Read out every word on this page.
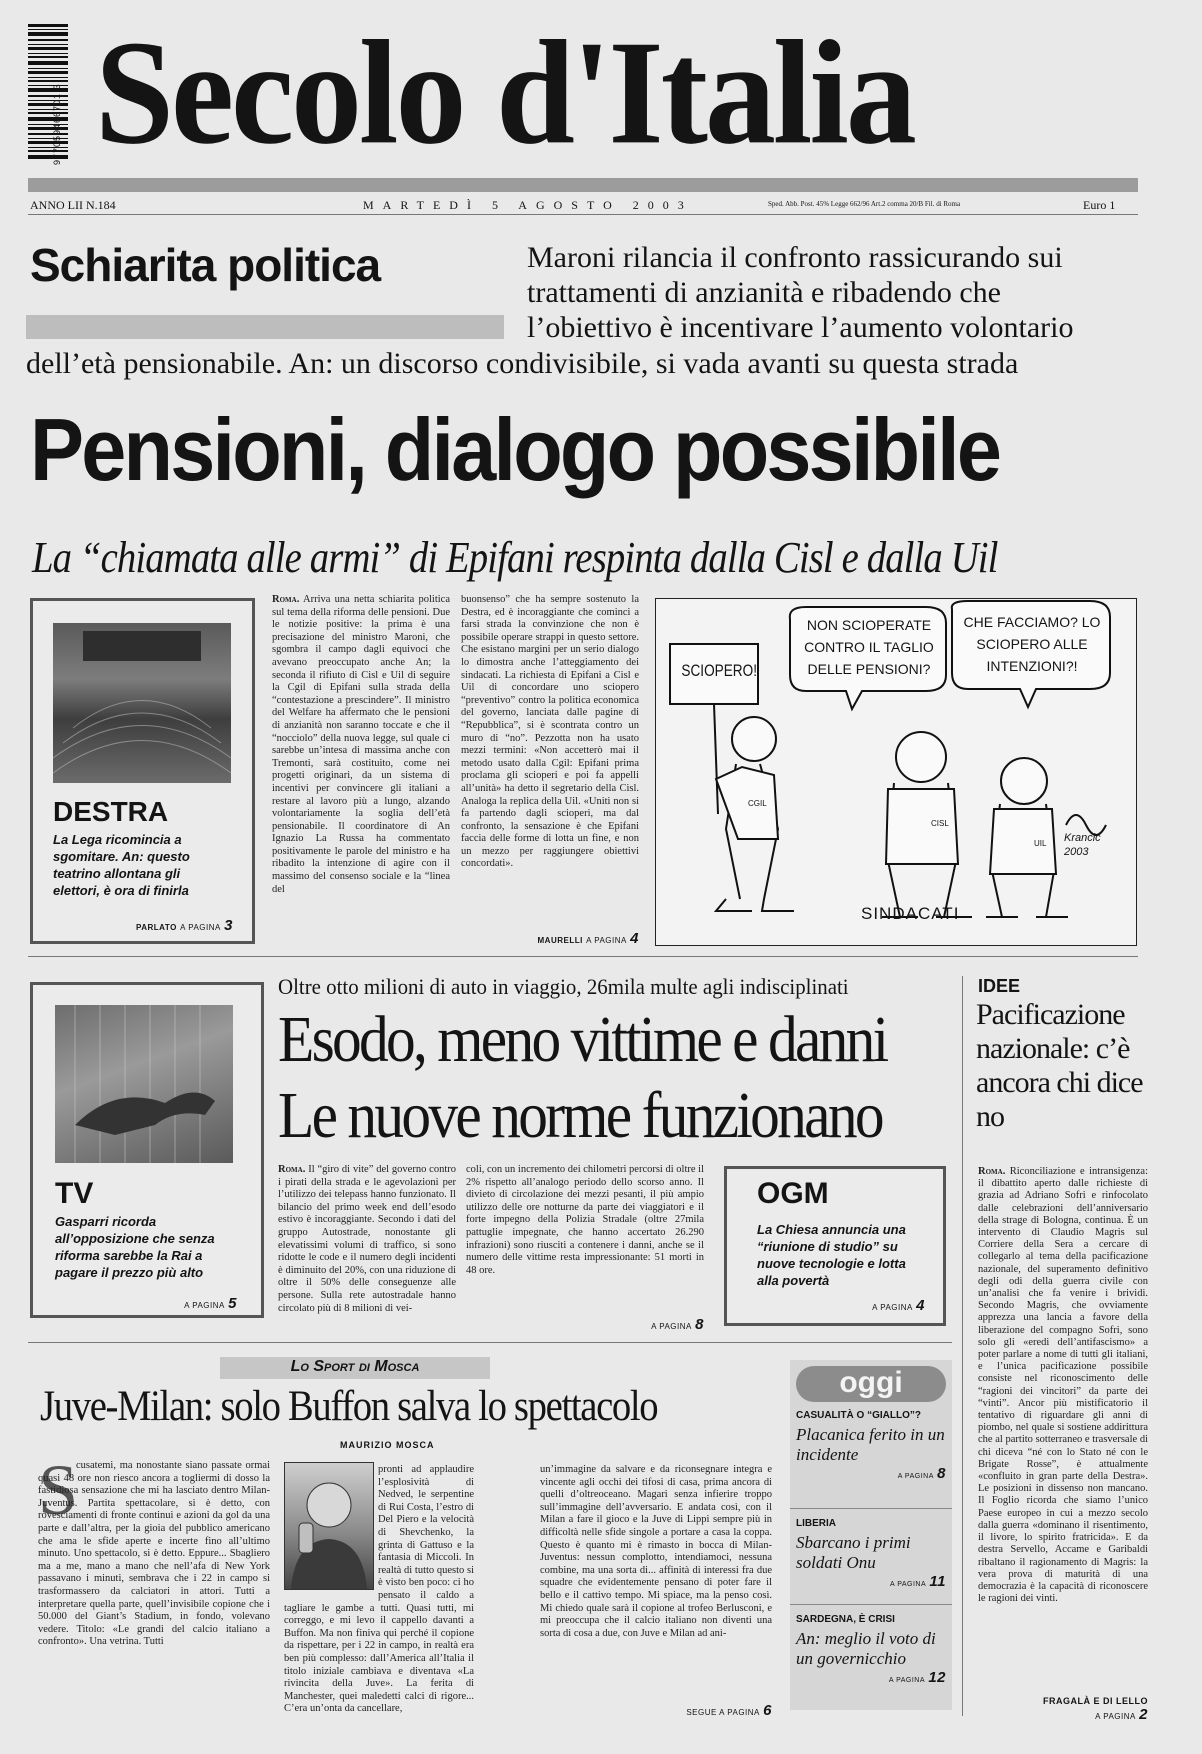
977059466701 3 Secolo d'Italia
ANNO LII N.184	MARTEDÌ 5 AGOSTO 2003	Sped. Abb. Post. 45% Legge 662/96 Art.2 comma 20/B Fil. di Roma	Euro 1
Schiarita politica	Maroni rilancia il confronto rassicurando sui trattamenti di anzianità e ribadendo che l’obiettivo è incentivare l’aumento volontario
dell’età pensionabile. An: un discorso condivisibile, si vada avanti su questa strada
Pensioni, dialogo possibile
La “chiamata alle armi” di Epifani respinta dalla Cisl e dalla Uil
DESTRA
La Lega ricomincia a sgomitare. An: questo teatrino allontana gli elettori, è ora di finirla
PARLATO A PAGINA 3
Roma. Arriva una netta schiarita politica sul tema della riforma delle pensioni. Due le notizie positive: la prima è una precisazione del ministro Maroni, che sgombra il campo dagli equivoci che avevano preoccupato anche An; la seconda il rifiuto di Cisl e Uil di seguire la Cgil di Epifani sulla strada della “contestazione a prescindere”. Il ministro del Welfare ha affermato che le pensioni di anzianità non saranno toccate e che il “nocciolo” della nuova legge, sul quale ci sarebbe un’intesa di massima anche con Tremonti, sarà costituito, come nei progetti originari, da un sistema di incentivi per convincere gli italiani a restare al lavoro più a lungo, alzando volontariamente la soglia dell’età pensionabile. Il coordinatore di An Ignazio La Russa ha commentato positivamente le parole del ministro e ha ribadito la intenzione di agire con il massimo del consenso sociale e la “linea del
buonsenso” che ha sempre sostenuto la Destra, ed è incoraggiante che cominci a farsi strada la convinzione che non è possibile operare strappi in questo settore. Che esistano margini per un serio dialogo lo dimostra anche l’atteggiamento dei sindacati. La richiesta di Epifani a Cisl e Uil di concordare uno sciopero “preventivo” contro la politica economica del governo, lanciata dalle pagine di “Repubblica”, si è scontrata contro un muro di “no”. Pezzotta non ha usato mezzi termini: «Non accetterò mai il metodo usato dalla Cgil: Epifani prima proclama gli scioperi e poi fa appelli all’unità» ha detto il segretario della Cisl. Analoga la replica della Uil. «Uniti non si fa partendo dagli scioperi, ma dal confronto, la sensazione è che Epifani faccia delle forme di lotta un fine, e non un mezzo per raggiungere obiettivi concordati».
MAURELLI A PAGINA 4
SCIOPERO!
NON SCIOPERATE CONTRO IL TAGLIO DELLE PENSIONI?
CHE FACCIAMO? LO SCIOPERO ALLE INTENZIONI?!
CGIL
CISL
UIL Krancic 2003
SINDACATI
TV
Gasparri ricorda all’opposizione che senza riforma sarebbe la Rai a pagare il prezzo più alto
A PAGINA 5
Oltre otto milioni di auto in viaggio, 26mila multe agli indisciplinati
Esodo, meno vittime e danni
Le nuove norme funzionano
Roma. Il “giro di vite” del governo contro i pirati della strada e le agevolazioni per l’utilizzo dei telepass hanno funzionato. Il bilancio del primo week end dell’esodo estivo è incoraggiante. Secondo i dati del gruppo Autostrade, nonostante gli elevatissimi volumi di traffico, si sono ridotte le code e il numero degli incidenti è diminuito del 20%, con una riduzione di oltre il 50% delle conseguenze alle persone. Sulla rete autostradale hanno circolato più di 8 milioni di vei-
coli, con un incremento dei chilometri percorsi di oltre il 2% rispetto all’analogo periodo dello scorso anno. Il divieto di circolazione dei mezzi pesanti, il più ampio utilizzo delle ore notturne da parte dei viaggiatori e il forte impegno della Polizia Stradale (oltre 27mila pattuglie impegnate, che hanno accertato 26.290 infrazioni) sono riusciti a contenere i danni, anche se il numero delle vittime resta impressionante: 51 morti in 48 ore.
A PAGINA 8
OGM
La Chiesa annuncia una “riunione di studio” su nuove tecnologie e lotta alla povertà
A PAGINA 4
IDEE
Pacificazione nazionale: c’è ancora chi dice no
Roma. Riconciliazione e intransigenza: il dibattito aperto dalle richieste di grazia ad Adriano Sofri e rinfocolato dalle celebrazioni dell’anniversario della strage di Bologna, continua. È un intervento di Claudio Magris sul Corriere della Sera a cercare di collegarlo al tema della pacificazione nazionale, del superamento definitivo degli odi della guerra civile con un’analisi che fa venire i brividi. Secondo Magris, che ovviamente apprezza una lancia a favore della liberazione del compagno Sofri, sono solo gli «eredi dell’antifascismo» a poter parlare a nome di tutti gli italiani, e l’unica pacificazione possibile consiste nel riconoscimento delle “ragioni dei vincitori” da parte dei “vinti”. Ancor più mistificatorio il tentativo di riguardare gli anni di piombo, nel quale si sostiene addirittura che al partito sotterraneo e trasversale di chi diceva “né con lo Stato né con le Brigate Rosse”, è attualmente «confluito in gran parte della Destra». Le posizioni in dissenso non mancano. Il Foglio ricorda che siamo l’unico Paese europeo in cui a mezzo secolo dalla guerra «dominano il risentimento, il livore, lo spirito fratricida». E da destra Servello, Accame e Garibaldi ribaltano il ragionamento di Magris: la vera prova di maturità di una democrazia è la capacità di riconoscere le ragioni dei vinti.
FRAGALÀ E DI LELLO
A PAGINA 2
Lo Sport di Mosca
Juve-Milan: solo Buffon salva lo spettacolo
MAURIZIO MOSCA
S
cusatemi, ma nonostante siano passate ormai quasi 48 ore non riesco ancora a togliermi di dosso la fastidiosa sensazione che mi ha lasciato dentro Milan-Juventus. Partita spettacolare, si è detto, con rovesciamenti di fronte continui e azioni da gol da una parte e dall’altra, per la gioia del pubblico americano che ama le sfide aperte e incerte fino all’ultimo minuto. Uno spettacolo, si è detto. Eppure... Sbagliero ma a me, mano a mano che nell’afa di New York passavano i minuti, sembrava che i 22 in campo si trasformassero da calciatori in attori. Tutti a interpretare quella parte, quell’invisibile copione che i 50.000 del Giant’s Stadium, in fondo, volevano vedere. Titolo: «Le grandi del calcio italiano a confronto». Una vetrina. Tutti
pronti ad applaudire l’esplosività di Nedved, le serpentine di Rui Costa, l’estro di Del Piero e la velocità di Shevchenko, la grinta di Gattuso e la fantasia di Miccoli. In realtà di tutto questo si è visto ben poco: ci ho pensato il caldo a tagliare le gambe a tutti. Quasi tutti, mi correggo, e mi levo il cappello davanti a Buffon. Ma non finiva qui perché il copione da rispettare, per i 22 in campo, in realtà era ben più complesso: dall’America all’Italia il titolo iniziale cambiava e diventava «La rivincita della Juve». La ferita di Manchester, quei maledetti calci di rigore... C’era un’onta da cancellare,
un’immagine da salvare e da riconsegnare integra e vincente agli occhi dei tifosi di casa, prima ancora di quelli d’oltreoceano. Magari senza infierire troppo sull’immagine dell’avversario. E andata così, con il Milan a fare il gioco e la Juve di Lippi sempre più in difficoltà nelle sfide singole a portare a casa la coppa. Questo è quanto mi è rimasto in bocca di Milan-Juventus: nessun complotto, intendiamoci, nessuna combine, ma una sorta di... affinità di interessi fra due squadre che evidentemente pensano di poter fare il bello e il cattivo tempo. Mi spiace, ma la penso così. Mi chiedo quale sarà il copione al trofeo Berlusconi, e mi preoccupa che il calcio italiano non diventi una sorta di cosa a due, con Juve e Milan ad ani-
SEGUE A PAGINA 6
oggi
CASUALITÀ O “GIALLO”?
Placanica ferito in un incidente
A PAGINA 8
LIBERIA
Sbarcano i primi soldati Onu
A PAGINA 11
SARDEGNA, È CRISI
An: meglio il voto di un governicchio
A PAGINA 12
